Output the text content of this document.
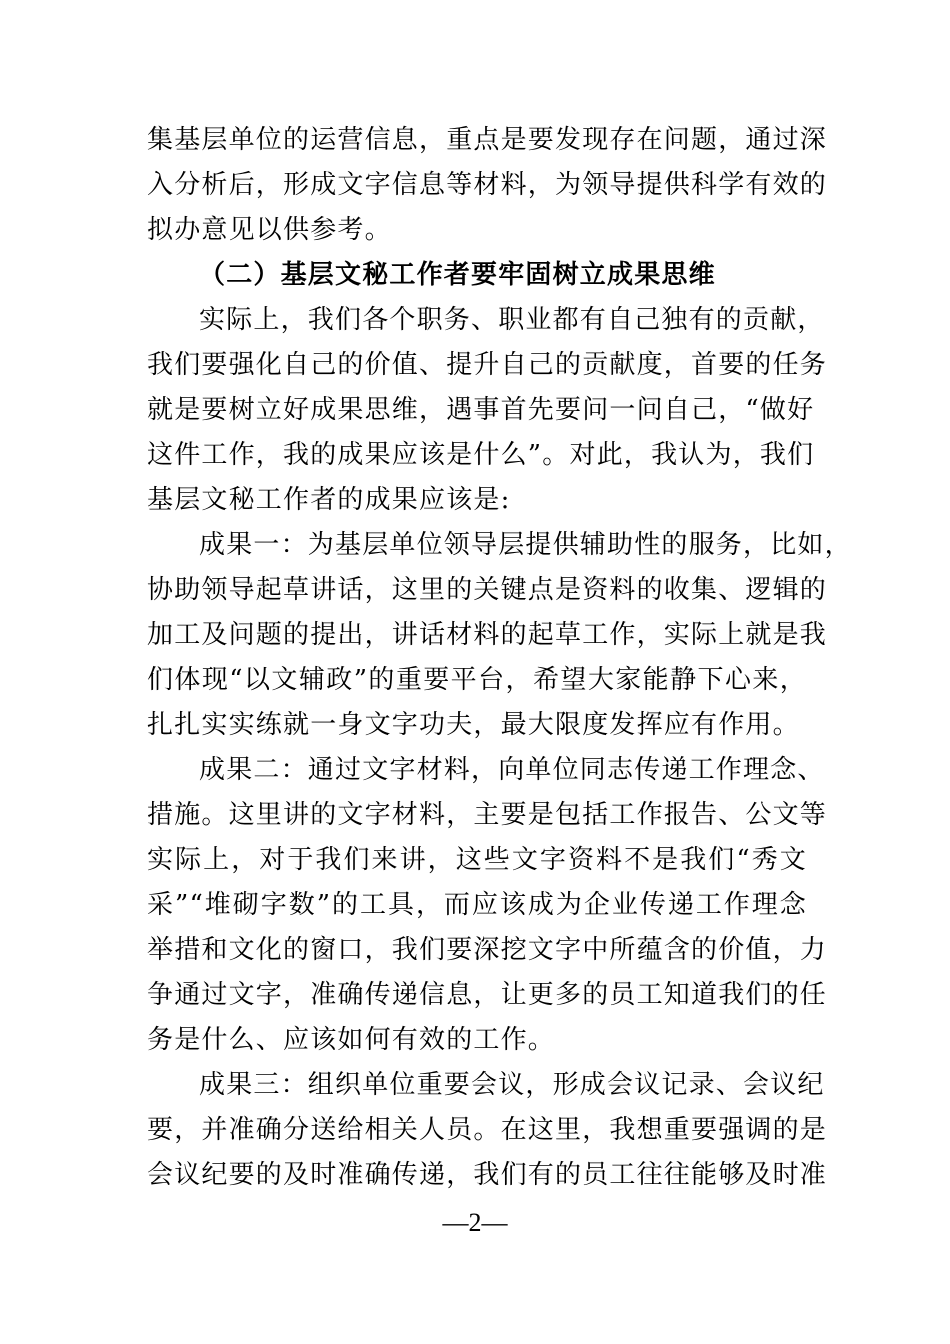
集基层单位的运营信息，重点是要发现存在问题，通过深
入分析后，形成文字信息等材料，为领导提供科学有效的
拟办意见以供参考。
（二）基层文秘工作者要牢固树立成果思维
实际上，我们各个职务、职业都有自己独有的贡献，
我们要强化自己的价值、提升自己的贡献度，首要的任务
就是要树立好成果思维，遇事首先要问一问自己，“做好
这件工作，我的成果应该是什么”。对此，我认为，我们
基层文秘工作者的成果应该是:
成果一：为基层单位领导层提供辅助性的服务，比如，
协助领导起草讲话，这里的关键点是资料的收集、逻辑的
加工及问题的提出，讲话材料的起草工作，实际上就是我
们体现“以文辅政”的重要平台，希望大家能静下心来，
扎扎实实练就一身文字功夫，最大限度发挥应有作用。
成果二：通过文字材料，向单位同志传递工作理念、
措施。这里讲的文字材料，主要是包括工作报告、公文等
实际上，对于我们来讲，这些文字资料不是我们“秀文
采”“堆砌字数”的工具，而应该成为企业传递工作理念
举措和文化的窗口，我们要深挖文字中所蕴含的价值，力
争通过文字，准确传递信息，让更多的员工知道我们的任
务是什么、应该如何有效的工作。
成果三：组织单位重要会议，形成会议记录、会议纪
要，并准确分送给相关人员。在这里，我想重要强调的是
会议纪要的及时准确传递，我们有的员工往往能够及时准
—2—
